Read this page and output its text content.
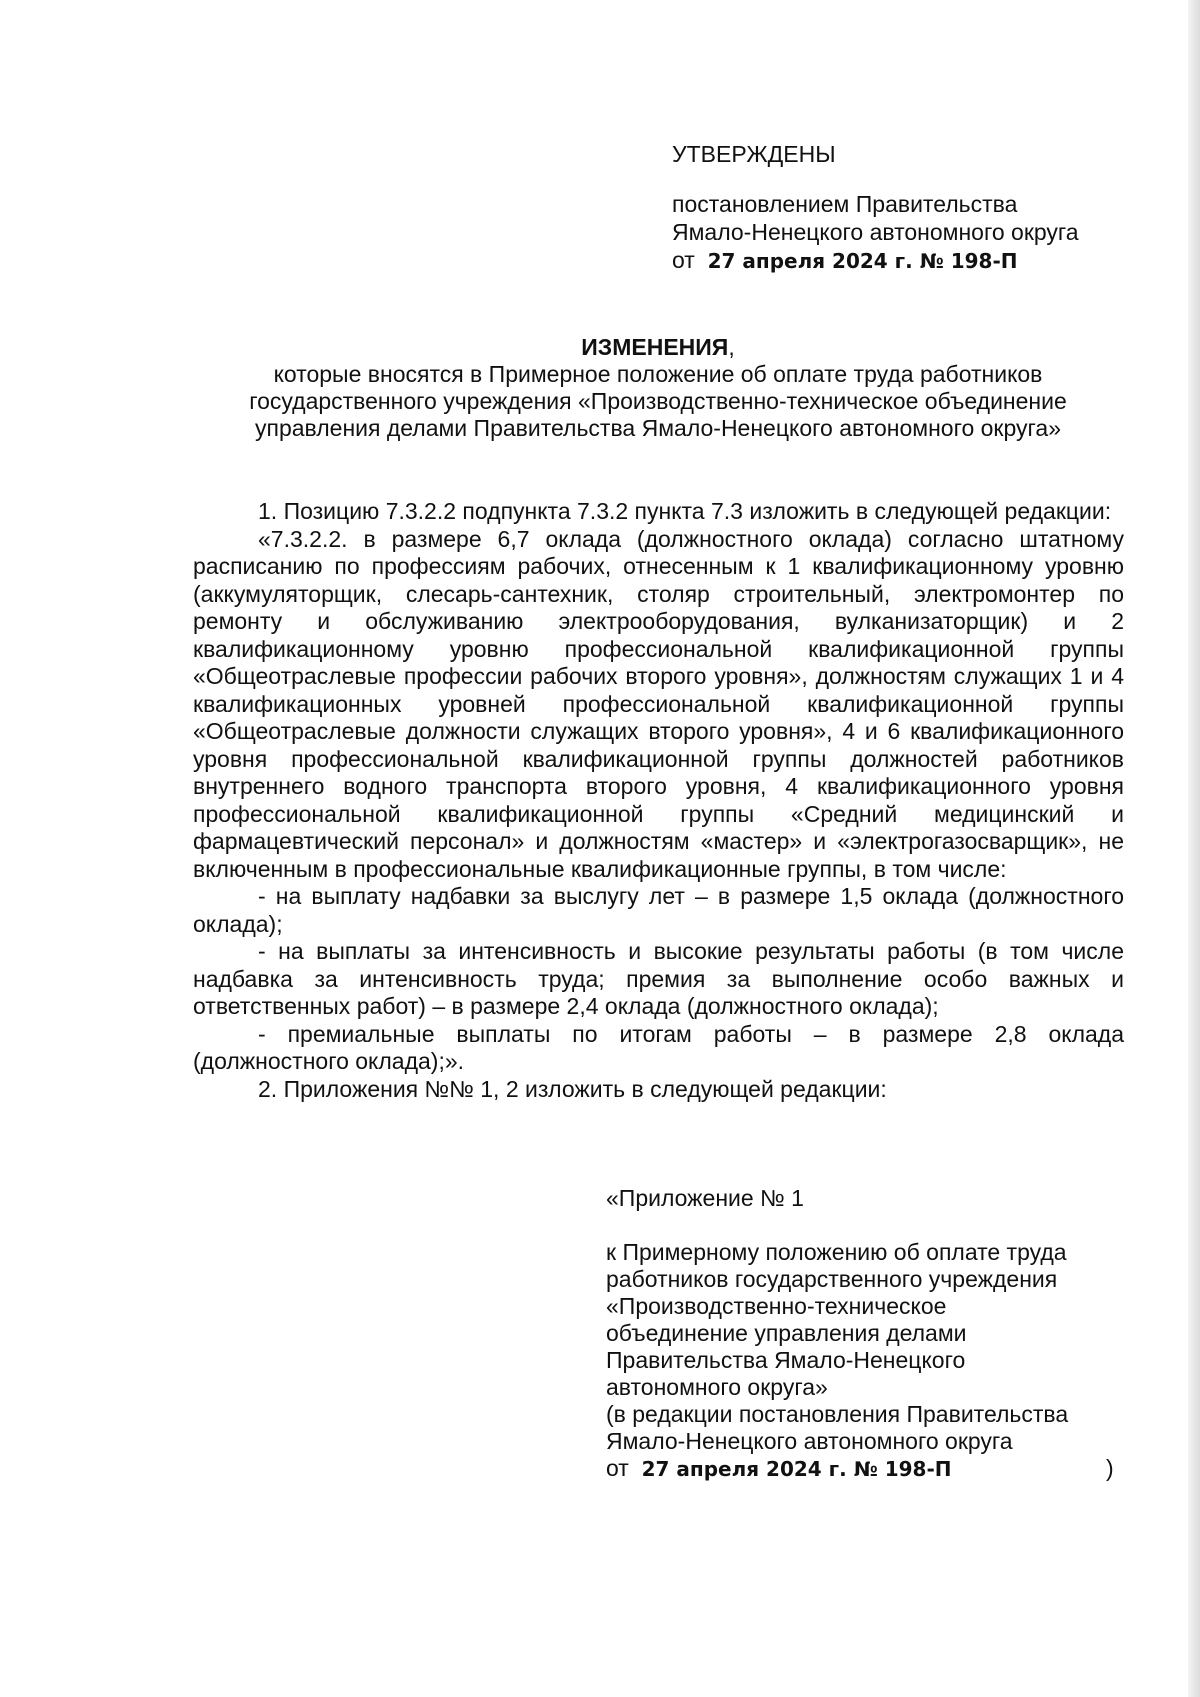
УТВЕРЖДЕНЫ

постановлением Правительства

Ямало-Ненецкого автономного округа

от 27 апреля 2024 г. № 198-П

ИЗМЕНЕНИЯ,

которые вносятся в Примерное положение об оплате труда работников

государственного учреждения «Производственно-техническое объединение

управления делами Правительства Ямало-Ненецкого автономного округа»

1. Позицию 7.3.2.2 подпункта 7.3.2 пункта 7.3 изложить в следующей редакции:

«7.3.2.2. в размере 6,7 оклада (должностного оклада) согласно штатному расписанию по профессиям рабочих, отнесенным к 1 квалификационному уровню (аккумуляторщик, слесарь-сантехник, столяр строительный, электромонтер по ремонту и обслуживанию электрооборудования, вулканизаторщик) и 2 квалификационному уровню профессиональной квалификационной группы «Общеотраслевые профессии рабочих второго уровня», должностям служащих 1 и 4 квалификационных уровней профессиональной квалификационной группы «Общеотраслевые должности служащих второго уровня», 4 и 6 квалификационного уровня профессиональной квалификационной группы должностей работников внутреннего водного транспорта второго уровня, 4 квалификационного уровня профессиональной квалификационной группы «Средний медицинский и фармацевтический персонал» и должностям «мастер» и «электрогазосварщик», не включенным в профессиональные квалификационные группы, в том числе:

- на выплату надбавки за выслугу лет – в размере 1,5 оклада (должностного оклада);

- на выплаты за интенсивность и высокие результаты работы (в том числе надбавка за интенсивность труда; премия за выполнение особо важных и ответственных работ) – в размере 2,4 оклада (должностного оклада);

- премиальные выплаты по итогам работы – в размере 2,8 оклада (должностного оклада);».

2. Приложения №№ 1, 2 изложить в следующей редакции:

«Приложение № 1

к Примерному положению об оплате труда

работников государственного учреждения

«Производственно-техническое

объединение управления делами

Правительства Ямало-Ненецкого

автономного округа»

(в редакции постановления Правительства

Ямало-Ненецкого автономного округа

от 27 апреля 2024 г. № 198-П	)
